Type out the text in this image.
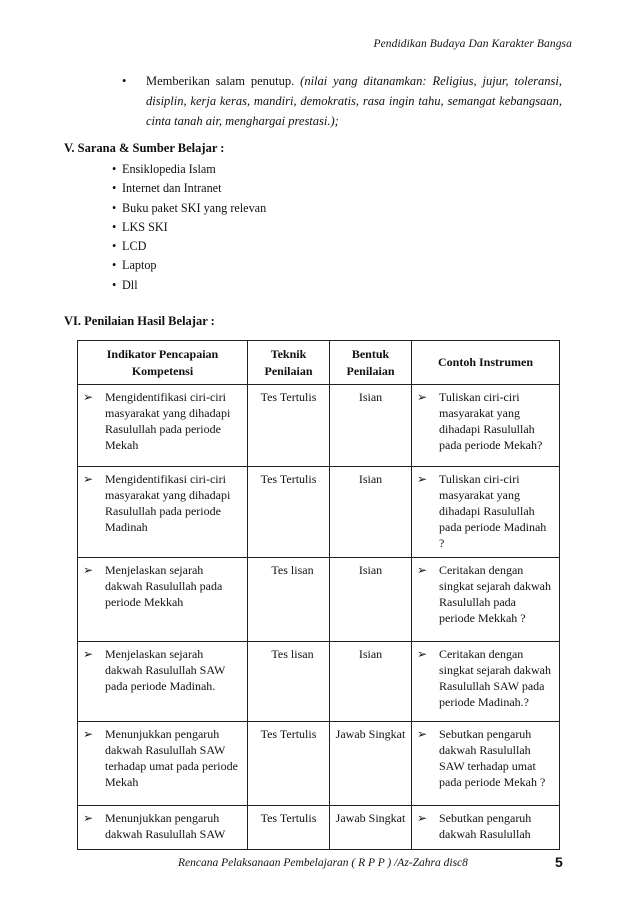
Pendidikan Budaya Dan Karakter Bangsa
• Memberikan salam penutup. (nilai yang ditanamkan: Religius, jujur, toleransi, disiplin, kerja keras, mandiri, demokratis, rasa ingin tahu, semangat kebangsaan, cinta tanah air, menghargai prestasi.);
V. Sarana & Sumber Belajar :
• Ensiklopedia Islam
• Internet dan Intranet
• Buku paket SKI yang relevan
• LKS SKI
• LCD
• Laptop
• Dll
VI. Penilaian Hasil Belajar :
Indikator Pencapaian Kompetensi	Teknik Penilaian	Bentuk Penilaian	Contoh Instrumen

➢ Mengidentifikasi ciri-ciri masyarakat yang dihadapi Rasulullah pada periode Mekah	Tes Tertulis	Isian	➢ Tuliskan ciri-ciri masyarakat yang dihadapi Rasulullah pada periode Mekah?

➢ Mengidentifikasi ciri-ciri masyarakat yang dihadapi Rasulullah pada periode Madinah	Tes Tertulis	Isian	➢ Tuliskan ciri-ciri masyarakat yang dihadapi Rasulullah pada periode Madinah ?

➢ Menjelaskan sejarah dakwah Rasulullah pada periode Mekkah	Tes lisan	Isian	➢ Ceritakan dengan singkat sejarah dakwah Rasulullah pada periode Mekkah ?

➢ Menjelaskan sejarah dakwah Rasulullah SAW pada periode Madinah.	Tes lisan	Isian	➢ Ceritakan dengan singkat sejarah dakwah Rasulullah SAW pada periode Madinah.?

➢ Menunjukkan pengaruh dakwah Rasulullah SAW terhadap umat pada periode Mekah	Tes Tertulis	Jawab Singkat	➢ Sebutkan pengaruh dakwah Rasulullah SAW terhadap umat pada periode Mekah ?

➢ Menunjukkan pengaruh dakwah Rasulullah SAW	Tes Tertulis	Jawab Singkat	➢ Sebutkan pengaruh dakwah Rasulullah
Rencana Pelaksanaan Pembelajaran ( R P P ) /Az-Zahra disc8	5
